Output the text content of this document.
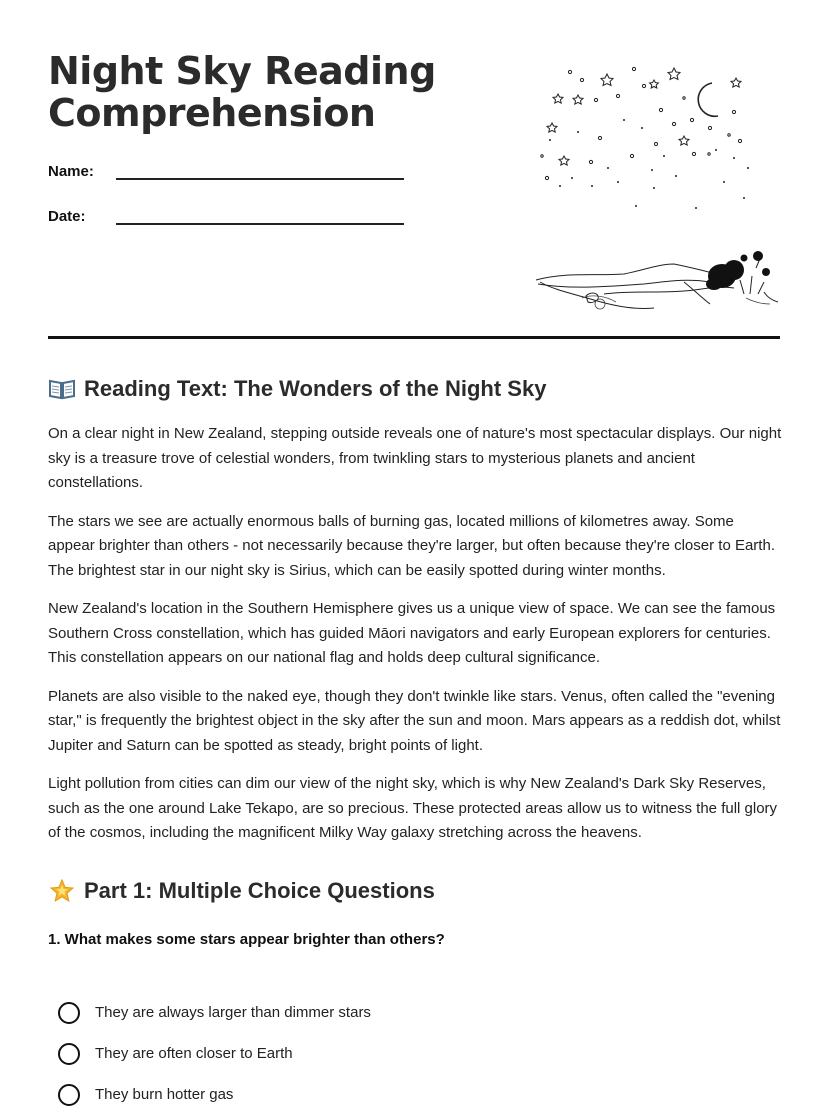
Night Sky Reading
Comprehension
Name:
Date:
Reading Text: The Wonders of the Night Sky

On a clear night in New Zealand, stepping outside reveals one of nature's most spectacular displays. Our night sky is a treasure trove of celestial wonders, from twinkling stars to mysterious planets and ancient constellations.

The stars we see are actually enormous balls of burning gas, located millions of kilometres away. Some appear brighter than others - not necessarily because they're larger, but often because they're closer to Earth. The brightest star in our night sky is Sirius, which can be easily spotted during winter months.

New Zealand's location in the Southern Hemisphere gives us a unique view of space. We can see the famous Southern Cross constellation, which has guided Māori navigators and early European explorers for centuries. This constellation appears on our national flag and holds deep cultural significance.

Planets are also visible to the naked eye, though they don't twinkle like stars. Venus, often called the "evening star," is frequently the brightest object in the sky after the sun and moon. Mars appears as a reddish dot, whilst Jupiter and Saturn can be spotted as steady, bright points of light.

Light pollution from cities can dim our view of the night sky, which is why New Zealand's Dark Sky Reserves, such as the one around Lake Tekapo, are so precious. These protected areas allow us to witness the full glory of the cosmos, including the magnificent Milky Way galaxy stretching across the heavens.

Part 1: Multiple Choice Questions

1. What makes some stars appear brighter than others?

They are always larger than dimmer stars
They are often closer to Earth
They burn hotter gas
